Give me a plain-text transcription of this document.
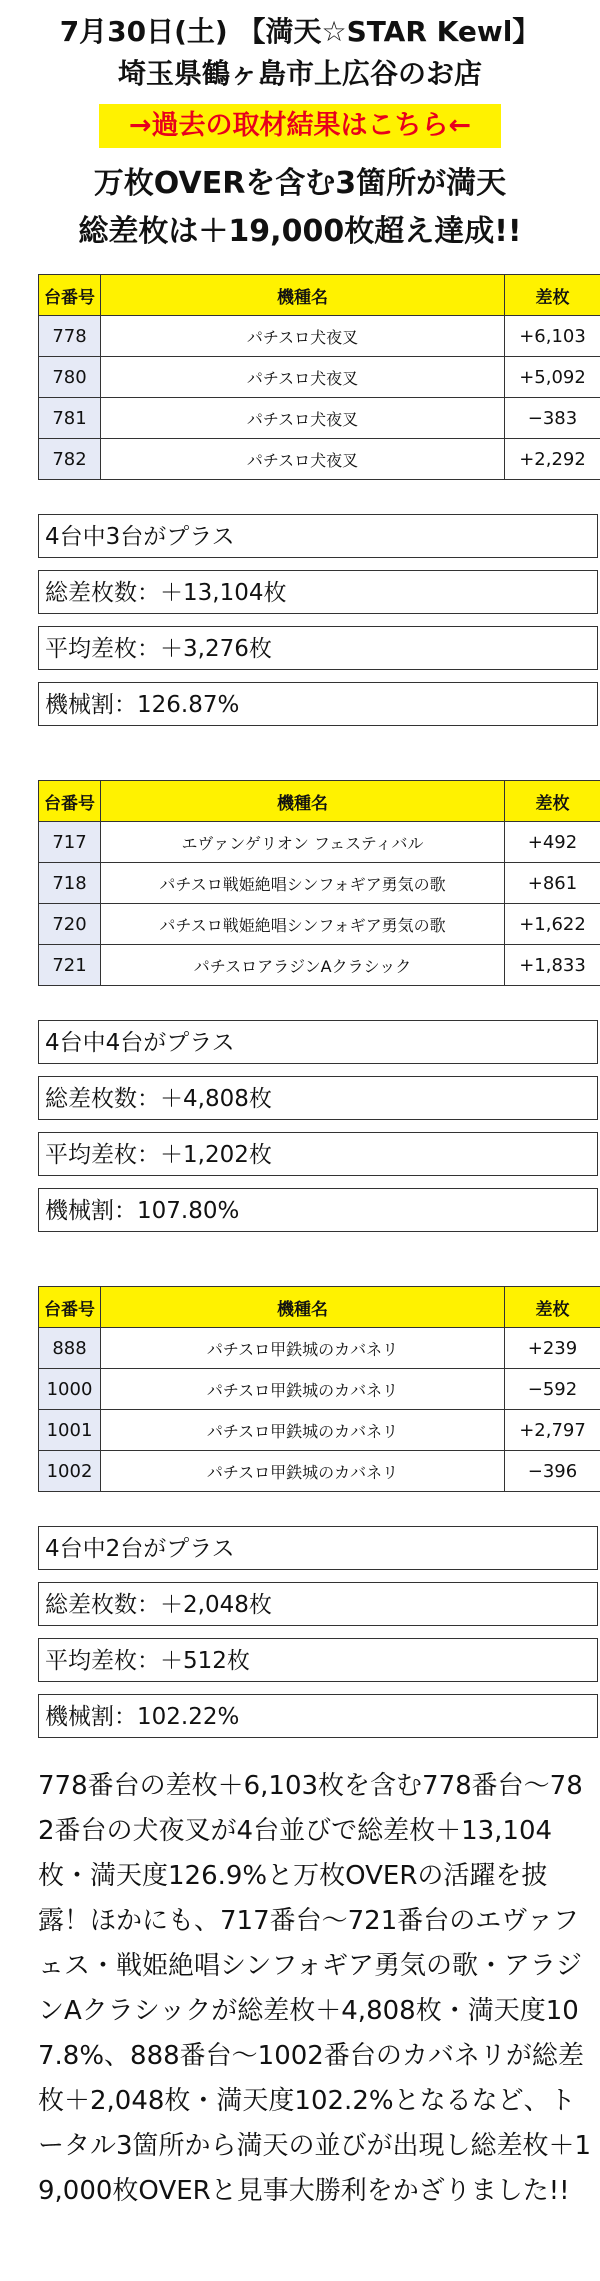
7月30日(土) 【満天☆STAR Kewl】
埼玉県鶴ヶ島市上広谷のお店
→過去の取材結果はこちら←
万枚OVERを含む3箇所が満天
総差枚は＋19,000枚超え達成!!
台番号	機種名	差枚
778	パチスロ犬夜叉	+6,103
780	パチスロ犬夜叉	+5,092
781	パチスロ犬夜叉	−383
782	パチスロ犬夜叉	+2,292
4台中3台がプラス
総差枚数：＋13,104枚
平均差枚：＋3,276枚
機械割：126.87%
台番号	機種名	差枚
717	エヴァンゲリオン フェスティバル	+492
718	パチスロ戦姫絶唱シンフォギア勇気の歌	+861
720	パチスロ戦姫絶唱シンフォギア勇気の歌	+1,622
721	パチスロアラジンAクラシック	+1,833
4台中4台がプラス
総差枚数：＋4,808枚
平均差枚：＋1,202枚
機械割：107.80%
台番号	機種名	差枚
888	パチスロ甲鉄城のカバネリ	+239
1000	パチスロ甲鉄城のカバネリ	−592
1001	パチスロ甲鉄城のカバネリ	+2,797
1002	パチスロ甲鉄城のカバネリ	−396
4台中2台がプラス
総差枚数：＋2,048枚
平均差枚：＋512枚
機械割：102.22%
778番台の差枚＋6,103枚を含む778番台〜782番台の犬夜叉が4台並びで総差枚＋13,104枚・満天度126.9%と万枚OVERの活躍を披露！ほかにも、717番台〜721番台のエヴァフェス・戦姫絶唱シンフォギア勇気の歌・アラジンAクラシックが総差枚＋4,808枚・満天度107.8%、888番台〜1002番台のカバネリが総差枚＋2,048枚・満天度102.2%となるなど、トータル3箇所から満天の並びが出現し総差枚＋19,000枚OVERと見事大勝利をかざりました!!
